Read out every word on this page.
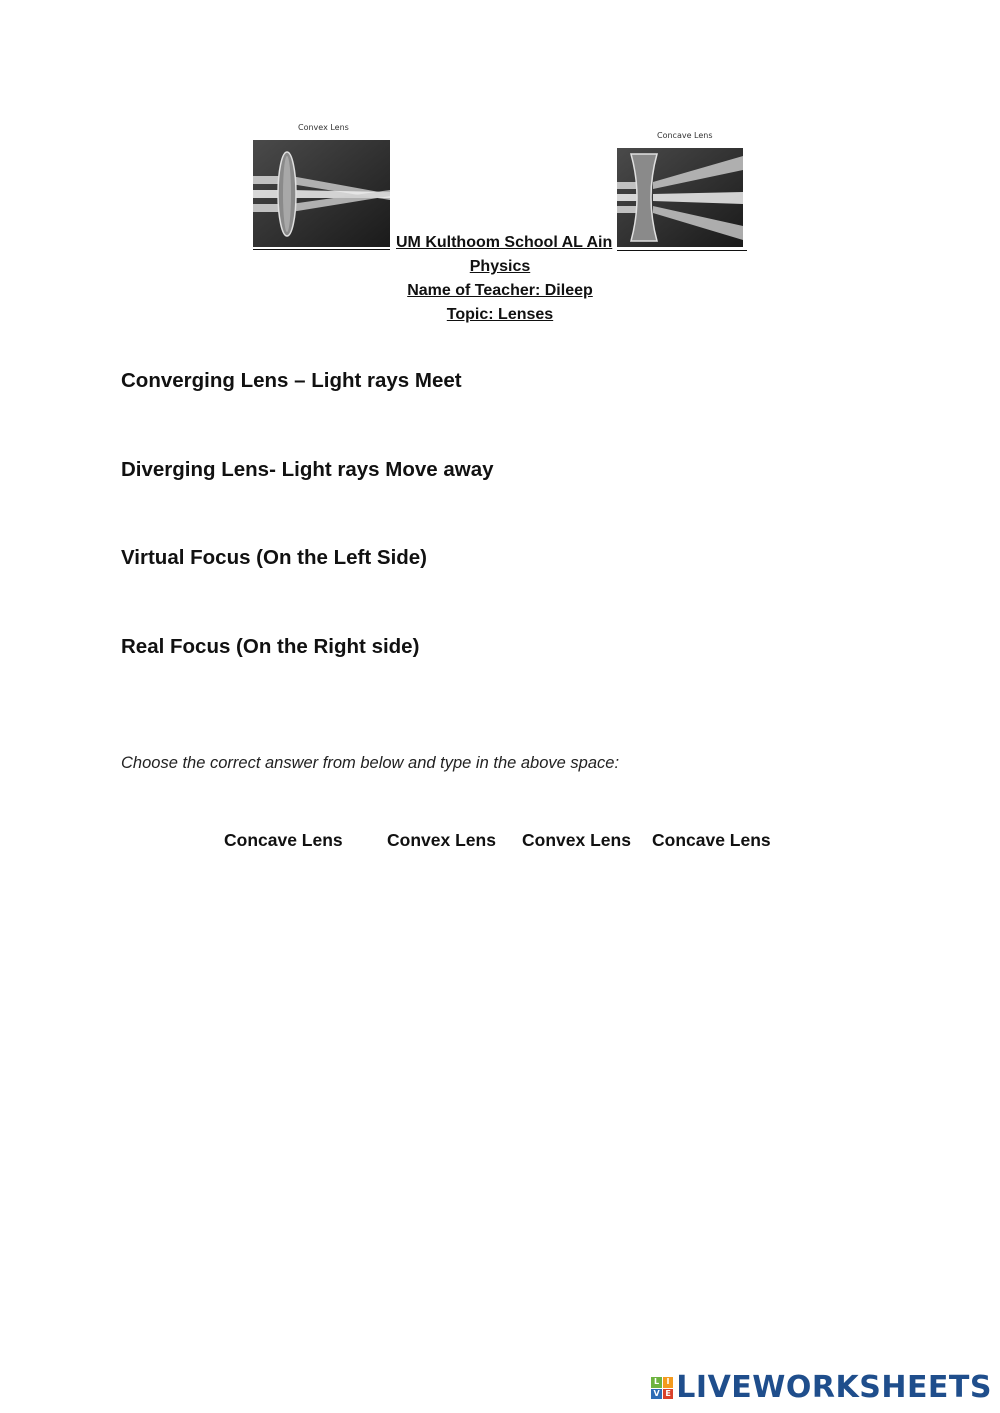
Convex Lens
Concave Lens
UM Kulthoom School AL Ain
Physics
Name of Teacher: Dileep
Topic: Lenses
Converging Lens – Light rays Meet
Diverging Lens- Light rays Move away
Virtual Focus (On the Left Side)
Real Focus (On the Right side)
Choose the correct answer from below and type in the above space:
Concave Lens	Convex Lens Convex Lens Concave Lens
L I
V E LIVEWORKSHEETS
